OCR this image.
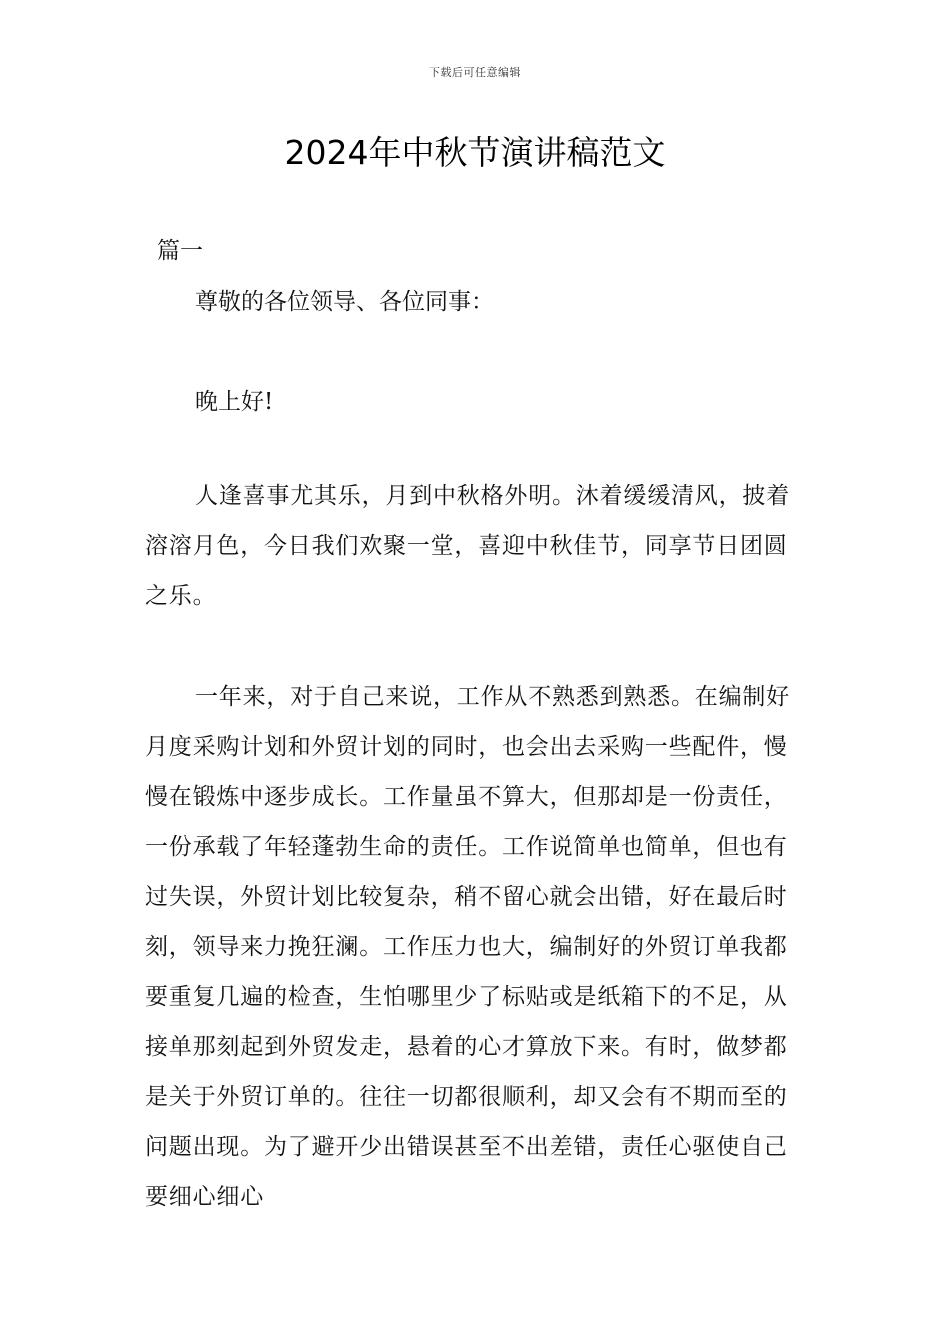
下载后可任意编辑
2024年中秋节演讲稿范文
篇一
尊敬的各位领导、各位同事：
晚上好!

人逢喜事尤其乐，月到中秋格外明。沐着缓缓清风，披着溶溶月色，今日我们欢聚一堂，喜迎中秋佳节，同享节日团圆之乐。

一年来，对于自己来说，工作从不熟悉到熟悉。在编制好月度采购计划和外贸计划的同时，也会出去采购一些配件，慢慢在锻炼中逐步成长。工作量虽不算大，但那却是一份责任，一份承载了年轻蓬勃生命的责任。工作说简单也简单，但也有过失误，外贸计划比较复杂，稍不留心就会出错，好在最后时刻，领导来力挽狂澜。工作压力也大，编制好的外贸订单我都要重复几遍的检查，生怕哪里少了标贴或是纸箱下的不足，从接单那刻起到外贸发走，悬着的心才算放下来。有时，做梦都是关于外贸订单的。往往一切都很顺利，却又会有不期而至的问题出现。为了避开少出错误甚至不出差错，责任心驱使自己要细心细心
